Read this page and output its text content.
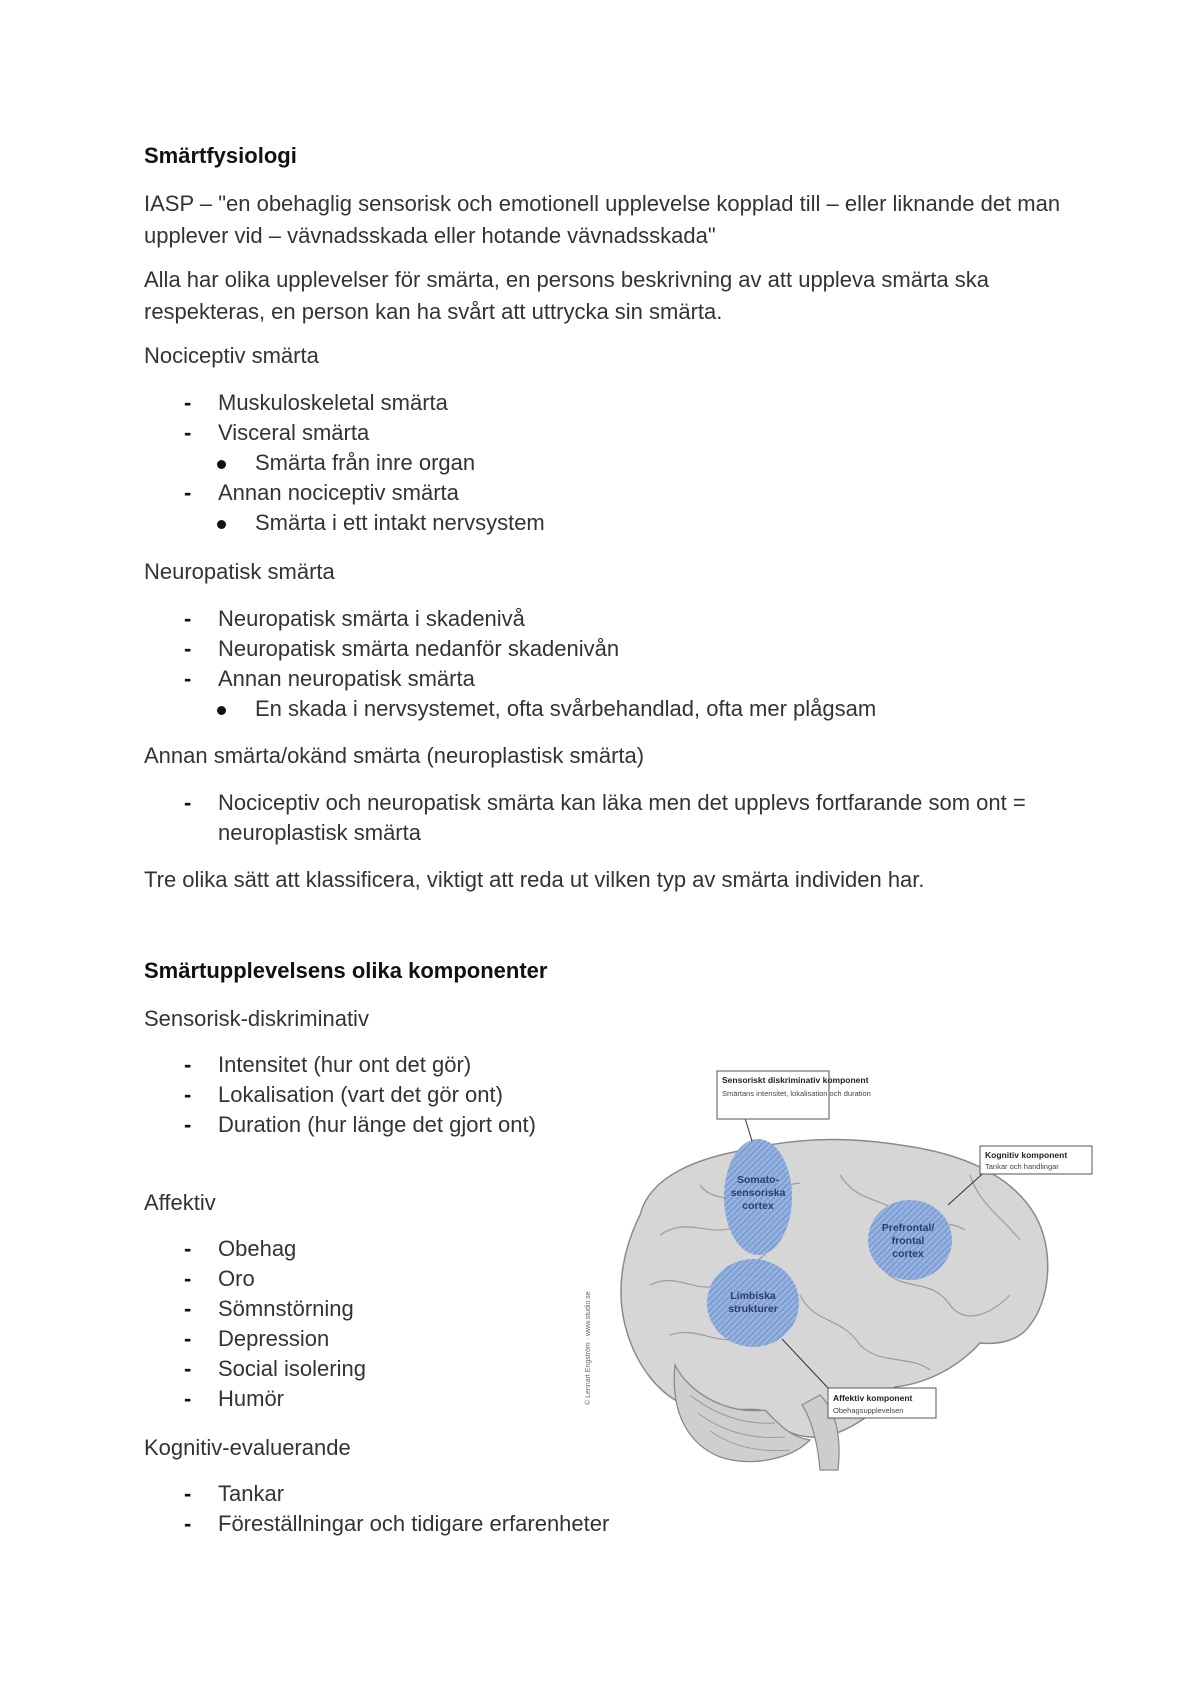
Smärtfysiologi
IASP – "en obehaglig sensorisk och emotionell upplevelse kopplad till – eller liknande det man upplever vid – vävnadsskada eller hotande vävnadsskada"
Alla har olika upplevelser för smärta, en persons beskrivning av att uppleva smärta ska respekteras, en person kan ha svårt att uttrycka sin smärta.
Nociceptiv smärta
- Muskuloskeletal smärta
- Visceral smärta
Smärta från inre organ
- Annan nociceptiv smärta
Smärta i ett intakt nervsystem
Neuropatisk smärta
- Neuropatisk smärta i skadenivå
- Neuropatisk smärta nedanför skadenivån
- Annan neuropatisk smärta
En skada i nervsystemet, ofta svårbehandlad, ofta mer plågsam
Annan smärta/okänd smärta (neuroplastisk smärta)
- Nociceptiv och neuropatisk smärta kan läka men det upplevs fortfarande som ont = neuroplastisk smärta
Tre olika sätt att klassificera, viktigt att reda ut vilken typ av smärta individen har.
Smärtupplevelsens olika komponenter
Sensorisk-diskriminativ
- Intensitet (hur ont det gör)
- Lokalisation (vart det gör ont)
- Duration (hur länge det gjort ont)
Affektiv
- Obehag
- Oro
- Sömnstörning
- Depression
- Social isolering
- Humör
Kognitiv-evaluerande
- Tankar
- Föreställningar och tidigare erfarenheter
Somato-
sensoriska
cortex
Prefrontal/
frontal
cortex
Limbiska
strukturer
Sensoriskt diskriminativ komponent
Smärtans intensitet, lokalisation och duration
Kognitiv komponent
Tankar och handlingar
Affektiv komponent
Obehagsupplevelsen
© Lennart Engström · www.studio.se
